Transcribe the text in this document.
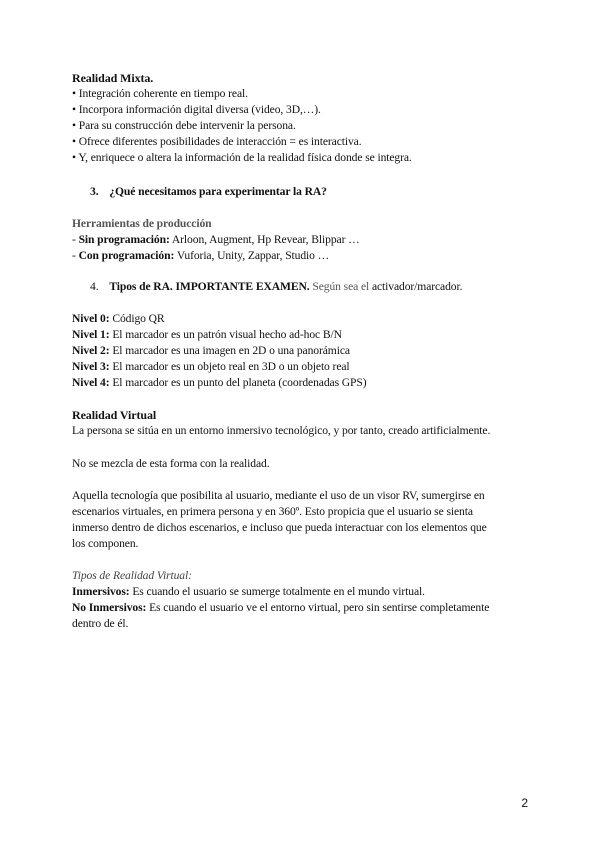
Realidad Mixta.
• Integración coherente en tiempo real.
• Incorpora información digital diversa (video, 3D,…).
• Para su construcción debe intervenir la persona.
• Ofrece diferentes posibilidades de interacción = es interactiva.
• Y, enriquece o altera la información de la realidad física donde se integra.
3. ¿Qué necesitamos para experimentar la RA?
Herramientas de producción
- Sin programación: Arloon, Augment, Hp Revear, Blippar …
- Con programación: Vuforia, Unity, Zappar, Studio …
4. Tipos de RA. IMPORTANTE EXAMEN. Según sea el activador/marcador.
Nivel 0: Código QR
Nivel 1: El marcador es un patrón visual hecho ad-hoc B/N
Nivel 2: El marcador es una imagen en 2D o una panorámica
Nivel 3: El marcador es un objeto real en 3D o un objeto real
Nivel 4: El marcador es un punto del planeta (coordenadas GPS)
Realidad Virtual
La persona se sitúa en un entorno inmersivo tecnológico, y por tanto, creado artificialmente.
No se mezcla de esta forma con la realidad.
Aquella tecnología que posibilita al usuario, mediante el uso de un visor RV, sumergirse en
escenarios virtuales, en primera persona y en 360º. Esto propicia que el usuario se sienta
inmerso dentro de dichos escenarios, e incluso que pueda interactuar con los elementos que
los componen.
Tipos de Realidad Virtual:
Inmersivos: Es cuando el usuario se sumerge totalmente en el mundo virtual.
No Inmersivos: Es cuando el usuario ve el entorno virtual, pero sin sentirse completamente
dentro de él.
2
